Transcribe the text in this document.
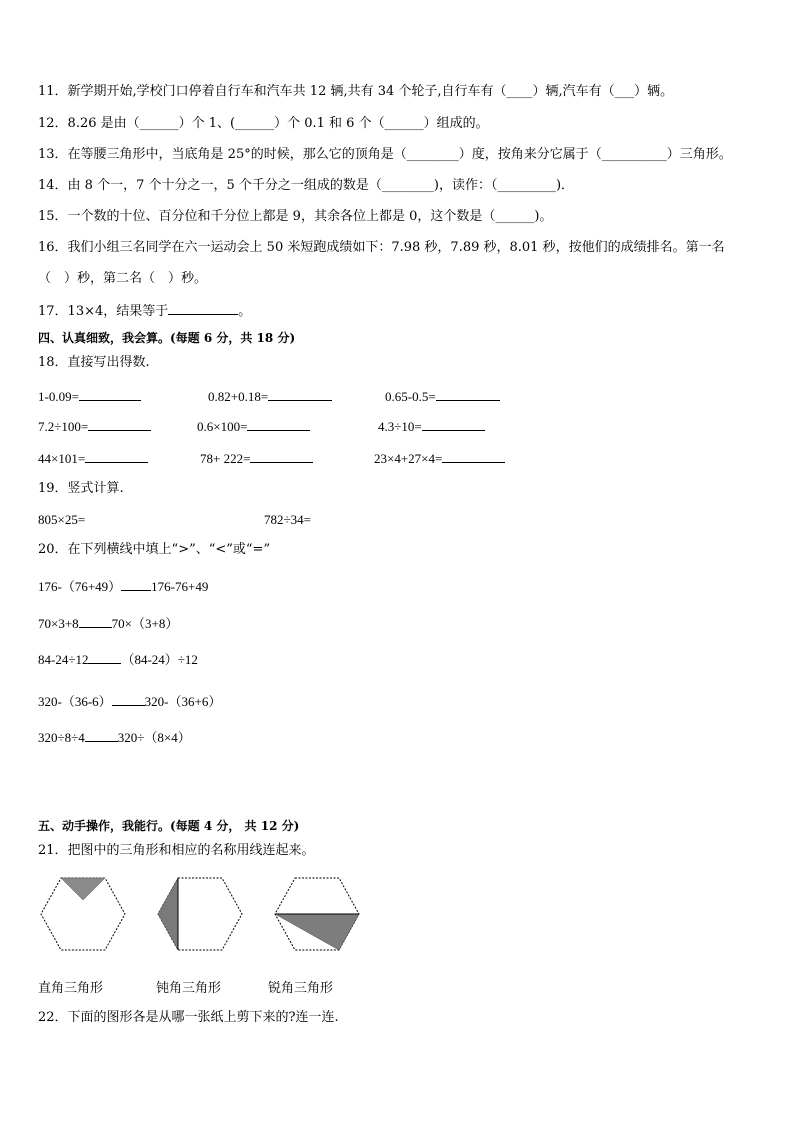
11．新学期开始,学校门口停着自行车和汽车共 12 辆,共有 34 个轮子,自行车有（____）辆,汽车有（___）辆。
12．8.26 是由（______）个 1、(______）个 0.1 和 6 个（______）组成的。
13．在等腰三角形中，当底角是 25°的时候，那么它的顶角是（________）度，按角来分它属于（__________）三角形。
14．由 8 个一，7 个十分之一，5 个千分之一组成的数是（________)，读作：（_________)．
15．一个数的十位、百分位和千分位上都是 9，其余各位上都是 0，这个数是（______)。
16．我们小组三名同学在六一运动会上 50 米短跑成绩如下：7.98 秒，7.89 秒，8.01 秒，按他们的成绩排名。第一名
（　）秒，第二名（　）秒。
17．13×4，结果等于	。
四、认真细致，我会算。(每题 6 分，共 18 分)
18．直接写出得数.
1-0.09=	0.82+0.18=	0.65-0.5=
7.2÷100=	0.6×100=	4.3÷10=
44×101=	78+ 222=	23×4+27×4=
19．竖式计算.
805×25=	782÷34=
20．在下列横线中填上“>”、“<”或“=”
176-（76+49） 176-76+49
70×3+8	70×（3+8）
84-24÷12	（84-24）÷12
320-（36-6）	320-（36+6）
320÷8÷4	320÷（8×4）
五、动手操作，我能行。(每题 4 分， 共 12 分)
21．把图中的三角形和相应的名称用线连起来。
直角三角形	钝角三角形	锐角三角形
22．下面的图形各是从哪一张纸上剪下来的?连一连.
